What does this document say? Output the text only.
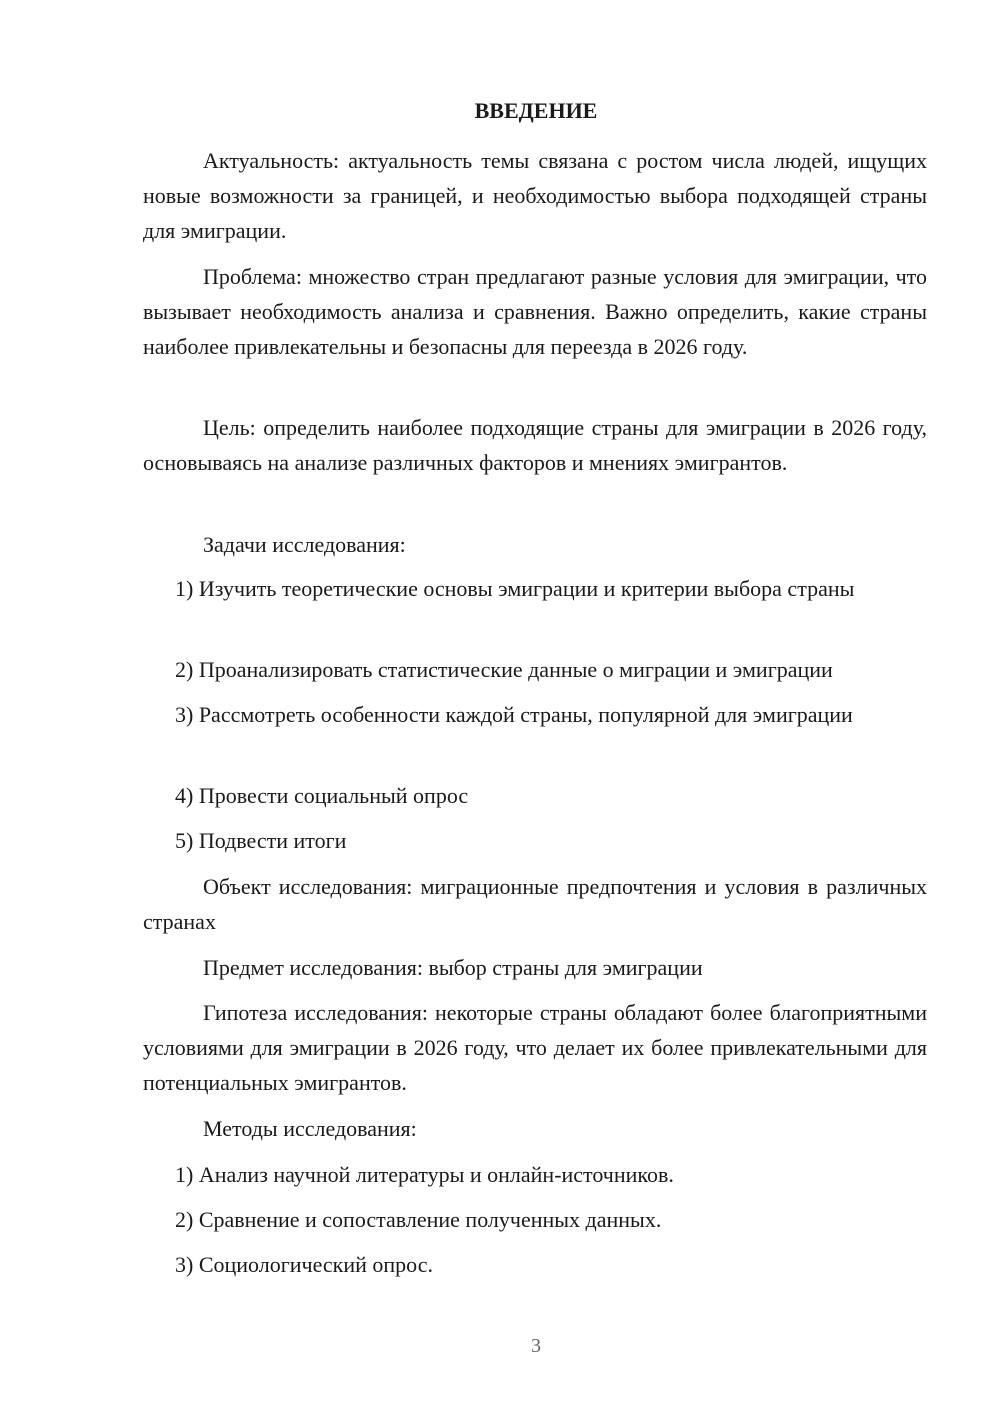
ВВЕДЕНИЕ

Актуальность: актуальность темы связана с ростом числа людей, ищущих новые возможности за границей, и необходимостью выбора подходящей страны для эмиграции.

Проблема: множество стран предлагают разные условия для эмиграции, что вызывает необходимость анализа и сравнения. Важно определить, какие страны наиболее привлекательны и безопасны для переезда в 2026 году.

Цель: определить наиболее подходящие страны для эмиграции в 2026 году, основываясь на анализе различных факторов и мнениях эмигрантов.

Задачи исследования:

1) Изучить теоретические основы эмиграции и критерии выбора страны

2) Проанализировать статистические данные о миграции и эмиграции

3) Рассмотреть особенности каждой страны, популярной для эмиграции

4) Провести социальный опрос

5) Подвести итоги

Объект исследования: миграционные предпочтения и условия в различных странах

Предмет исследования: выбор страны для эмиграции

Гипотеза исследования: некоторые страны обладают более благоприятными условиями для эмиграции в 2026 году, что делает их более привлекательными для потенциальных эмигрантов.

Методы исследования:

1) Анализ научной литературы и онлайн-источников.

2) Сравнение и сопоставление полученных данных.

3) Социологический опрос.

3
